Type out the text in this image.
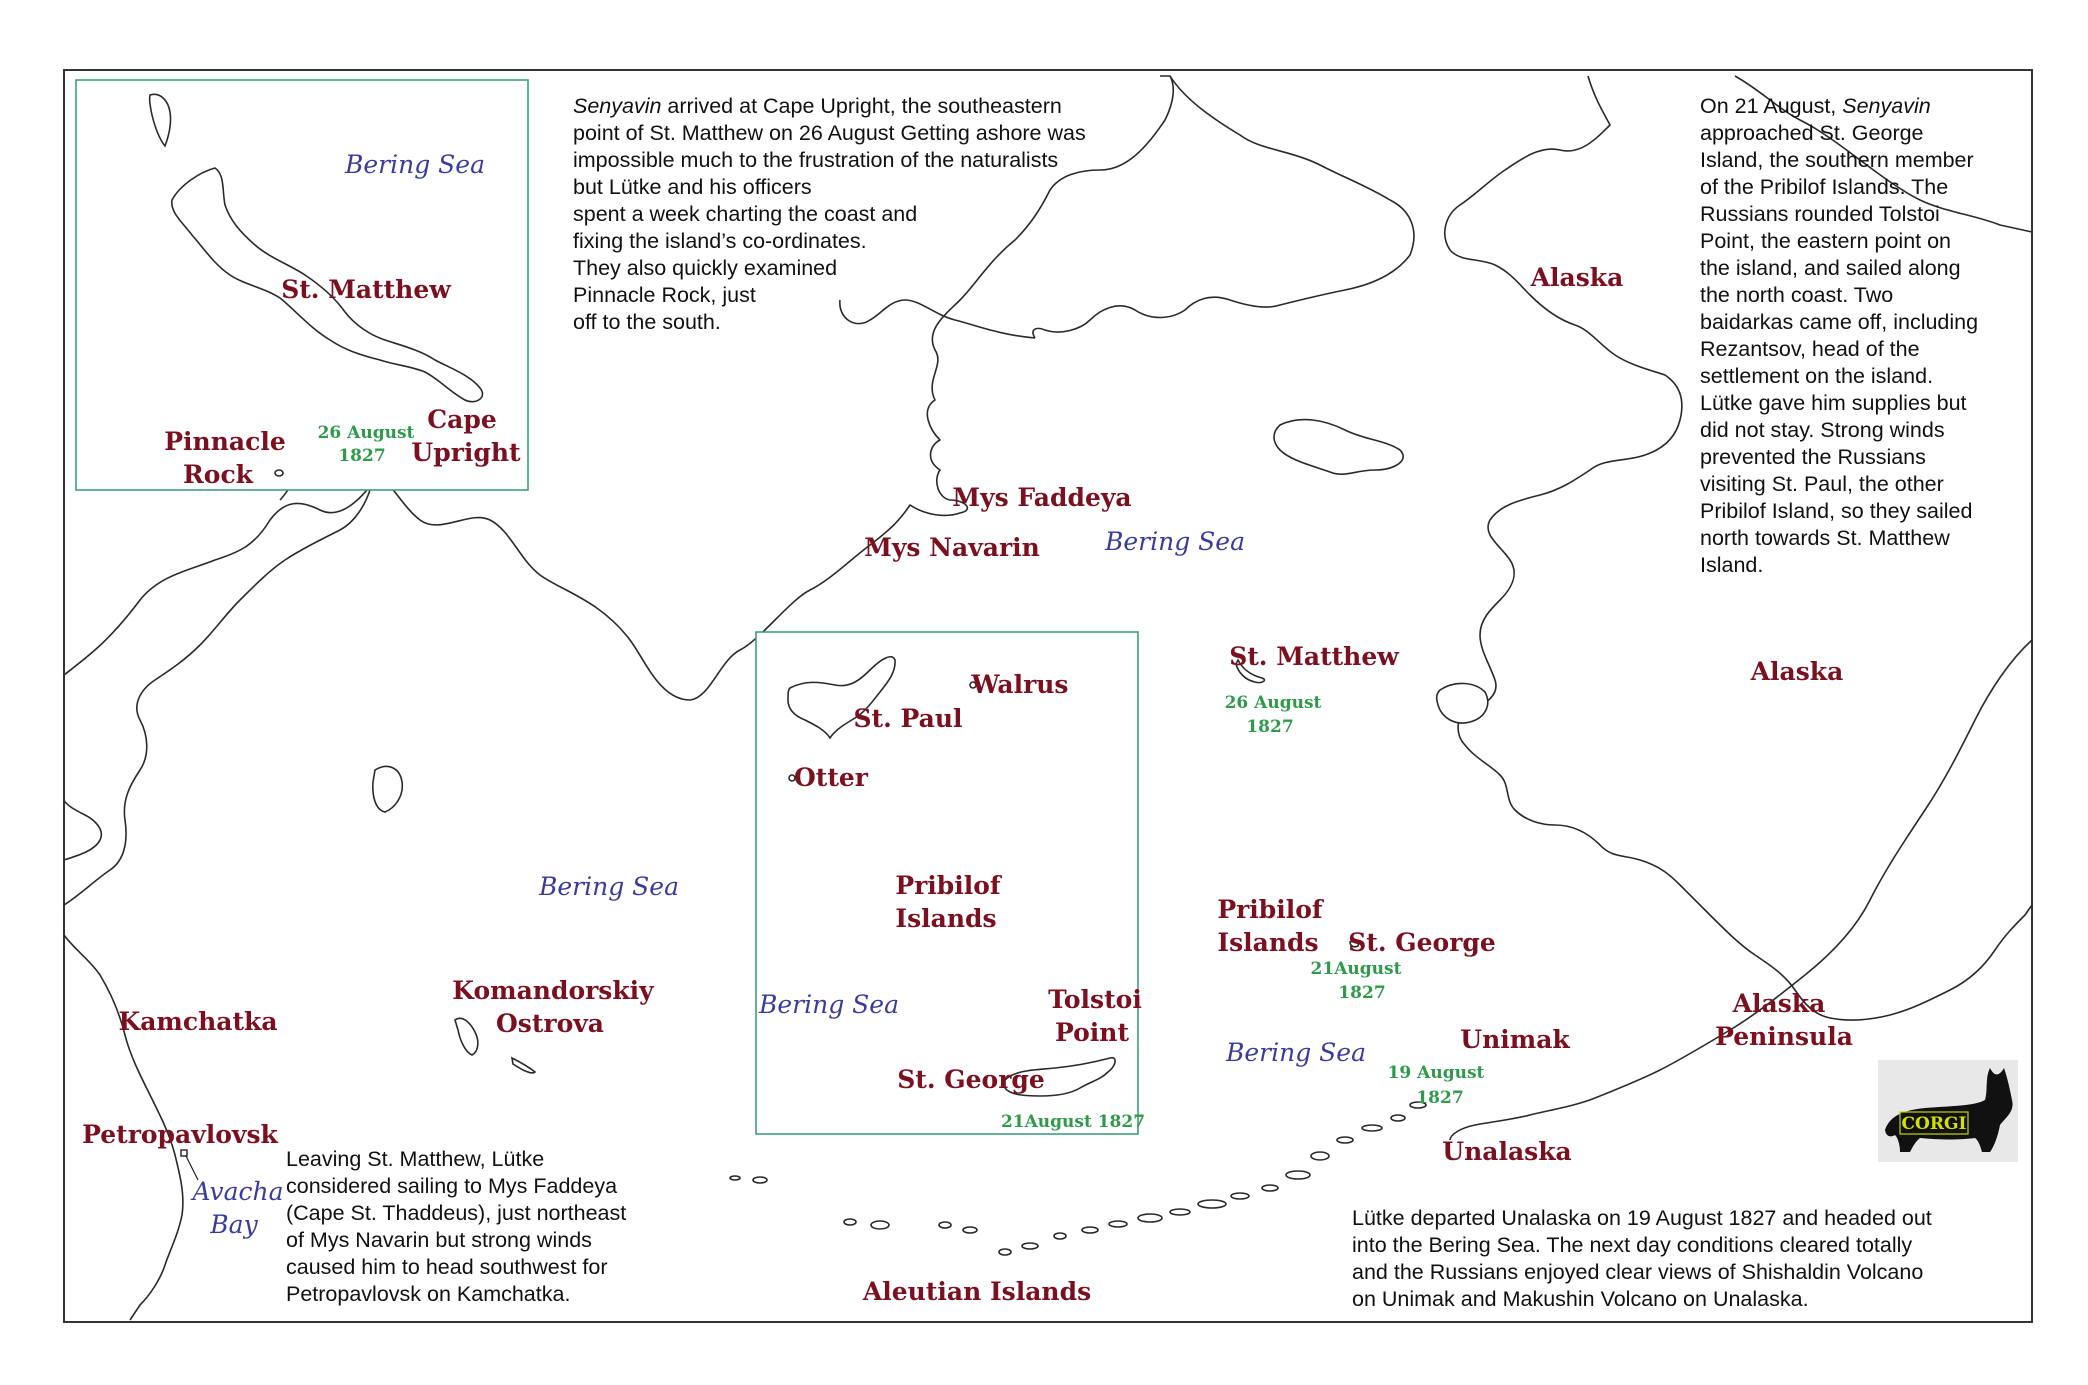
Bering Sea
St. Matthew
Pinnacle
Rock
Cape
Upright
26 August
1827
Walrus
St. Paul
Otter
Pribilof
Islands
Bering Sea	Tolstoi
Point
St. George
21August 1827
Mys Faddeya
Mys Navarin	Bering Sea
Alaska
Alaska
St. Matthew
26 August
1827
Bering Sea
Komandorskiy
Ostrova
Kamchatka
Petropavlovsk
Avacha
Bay
Pribilof
Islands St. George
21August
1827
Bering Sea	Unimak
19 August
1827
Unalaska
Alaska
Peninsula
Aleutian Islands
CORGI
Senyavin arrived at Cape Upright, the southeastern
point of St. Matthew on 26 August Getting ashore was
impossible much to the frustration of the naturalists
but Lütke and his officers
spent a week charting the coast and
fixing the island’s co-ordinates.
They also quickly examined
Pinnacle Rock, just
off to the south.
On 21 August, Senyavin
approached St. George
Island, the southern member
of the Pribilof Islands. The
Russians rounded Tolstoi
Point, the eastern point on
the island, and sailed along
the north coast. Two
baidarkas came off, including
Rezantsov, head of the
settlement on the island.
Lütke gave him supplies but
did not stay. Strong winds
prevented the Russians
visiting St. Paul, the other
Pribilof Island, so they sailed
north towards St. Matthew
Island.
Leaving St. Matthew, Lütke
considered sailing to Mys Faddeya
(Cape St. Thaddeus), just northeast
of Mys Navarin but strong winds
caused him to head southwest for
Petropavlovsk on Kamchatka.
Lütke departed Unalaska on 19 August 1827 and headed out
into the Bering Sea. The next day conditions cleared totally
and the Russians enjoyed clear views of Shishaldin Volcano
on Unimak and Makushin Volcano on Unalaska.
